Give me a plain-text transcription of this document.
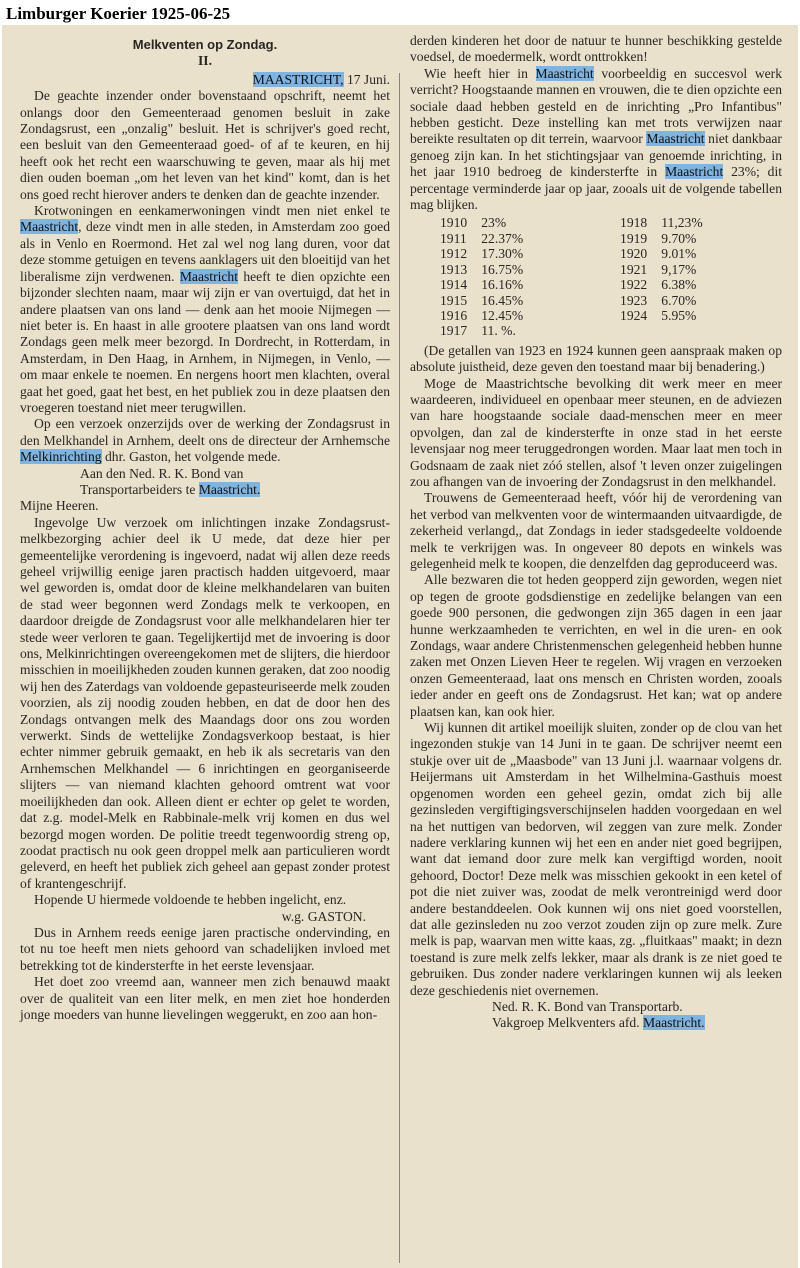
Limburger Koerier 1925-06-25
Melkventen op Zondag.
II.
MAASTRICHT, 17 Juni.

De geachte inzender onder bovenstaand opschrift, neemt het onlangs door den Gemeenteraad genomen besluit in zake Zondagsrust, een „onzalig" besluit. Het is schrijver's goed recht, een besluit van den Gemeenteraad goed- of af te keuren, en hij heeft ook het recht een waarschuwing te geven, maar als hij met dien ouden boeman „om het leven van het kind" komt, dan is het ons goed recht hierover anders te denken dan de geachte inzender.

Krotwoningen en eenkamerwoningen vindt men niet enkel te Maastricht, deze vindt men in alle steden, in Amsterdam zoo goed als in Venlo en Roermond. Het zal wel nog lang duren, voor dat deze stomme getuigen en tevens aanklagers uit den bloeitijd van het liberalisme zijn verdwenen. Maastricht heeft te dien opzichte een bijzonder slechten naam, maar wij zijn er van overtuigd, dat het in andere plaatsen van ons land — denk aan het mooie Nijmegen — niet beter is. En haast in alle grootere plaatsen van ons land wordt Zondags geen melk meer bezorgd. In Dordrecht, in Rotterdam, in Amsterdam, in Den Haag, in Arnhem, in Nijmegen, in Venlo, — om maar enkele te noemen. En nergens hoort men klachten, overal gaat het goed, gaat het best, en het publiek zou in deze plaatsen den vroegeren toestand niet meer terugwillen.

Op een verzoek onzerzijds over de werking der Zondagsrust in den Melkhandel in Arnhem, deelt ons de directeur der Arnhemsche Melkinrichting dhr. Gaston, het volgende mede.

Aan den Ned. R. K. Bond van
Transportarbeiders te Maastricht.

Mijne Heeren.

Ingevolge Uw verzoek om inlichtingen inzake Zondagsrust-melkbezorging achier deel ik U mede, dat deze hier per gemeentelijke verordening is ingevoerd, nadat wij allen deze reeds geheel vrijwillig eenige jaren practisch hadden uitgevoerd, maar wel geworden is, omdat door de kleine melkhandelaren van buiten de stad weer begonnen werd Zondags melk te verkoopen, en daardoor dreigde de Zondagsrust voor alle melkhandelaren hier ter stede weer verloren te gaan. Tegelijkertijd met de invoering is door ons, Melkinrichtingen overeengekomen met de slijters, die hierdoor misschien in moeilijkheden zouden kunnen geraken, dat zoo noodig wij hen des Zaterdags van voldoende gepasteuriseerde melk zouden voorzien, als zij noodig zouden hebben, en dat de door hen des Zondags ontvangen melk des Maandags door ons zou worden verwerkt. Sinds de wettelijke Zondagsverkoop bestaat, is hier echter nimmer gebruik gemaakt, en heb ik als secretaris van den Arnhemschen Melkhandel — 6 inrichtingen en georganiseerde slijters — van niemand klachten gehoord omtrent wat voor moeilijkheden dan ook. Alleen dient er echter op gelet te worden, dat z.g. model-Melk en Rabbinale-melk vrij komen en dus wel bezorgd mogen worden. De politie treedt tegenwoordig streng op, zoodat practisch nu ook geen droppel melk aan particulieren wordt geleverd, en heeft het publiek zich geheel aan gepast zonder protest of krantengeschrijf.

Hopende U hiermede voldoende te hebben ingelicht, enz.

w.g. GASTON.

Dus in Arnhem reeds eenige jaren practische ondervinding, en tot nu toe heeft men niets gehoord van schadelijken invloed met betrekking tot de kindersterfte in het eerste levensjaar.

Het doet zoo vreemd aan, wanneer men zich benauwd maakt over de qualiteit van een liter melk, en men ziet hoe honderden jonge moeders van hunne lievelingen weggerukt, en zoo aan hon-

derden kinderen het door de natuur te hunner beschikking gestelde voedsel, de moedermelk, wordt onttrokken!

Wie heeft hier in Maastricht voorbeeldig en succesvol werk verricht? Hoogstaande mannen en vrouwen, die te dien opzichte een sociale daad hebben gesteld en de inrichting „Pro Infantibus" hebben gesticht. Deze instelling kan met trots verwijzen naar bereikte resultaten op dit terrein, waarvoor Maastricht niet dankbaar genoeg zijn kan. In het stichtingsjaar van genoemde inrichting, in het jaar 1910 bedroeg de kindersterfte in Maastricht 23%; dit percentage verminderde jaar op jaar, zooals uit de volgende tabellen mag blijken.

1910	23%	1918	11,23%
1911	22.37%	1919	9.70%
1912	17.30%	1920	9.01%
1913	16.75%	1921	9,17%
1914	16.16%	1922	6.38%
1915	16.45%	1923	6.70%
1916	12.45%	1924	5.95%
1917	11. %.		

(De getallen van 1923 en 1924 kunnen geen aanspraak maken op absolute juistheid, deze geven den toestand maar bij benadering.)

Moge de Maastrichtsche bevolking dit werk meer en meer waardeeren, individueel en openbaar meer steunen, en de adviezen van hare hoogstaande sociale daad-menschen meer en meer opvolgen, dan zal de kindersterfte in onze stad in het eerste levensjaar nog meer teruggedrongen worden. Maar laat men toch in Godsnaam de zaak niet zóó stellen, alsof 't leven onzer zuigelingen zou afhangen van de invoering der Zondagsrust in den melkhandel.

Trouwens de Gemeenteraad heeft, vóór hij de verordening van het verbod van melkventen voor de wintermaanden uitvaardigde, de zekerheid verlangd,, dat Zondags in ieder stadsgedeelte voldoende melk te verkrijgen was. In ongeveer 80 depots en winkels was gelegenheid melk te koopen, die denzelfden dag geproduceerd was.

Alle bezwaren die tot heden geopperd zijn geworden, wegen niet op tegen de groote godsdienstige en zedelijke belangen van een goede 900 personen, die gedwongen zijn 365 dagen in een jaar hunne werkzaamheden te verrichten, en wel in die uren- en ook Zondags, waar andere Christenmenschen gelegenheid hebben hunne zaken met Onzen Lieven Heer te regelen. Wij vragen en verzoeken onzen Gemeenteraad, laat ons mensch en Christen worden, zooals ieder ander en geeft ons de Zondagsrust. Het kan; wat op andere plaatsen kan, kan ook hier.

Wij kunnen dit artikel moeilijk sluiten, zonder op de clou van het ingezonden stukje van 14 Juni in te gaan. De schrijver neemt een stukje over uit de „Maasbode" van 13 Juni j.l. waarnaar volgens dr. Heijermans uit Amsterdam in het Wilhelmina-Gasthuis moest opgenomen worden een geheel gezin, omdat zich bij alle gezinsleden vergiftigingsverschijnselen hadden voorgedaan en wel na het nuttigen van bedorven, wil zeggen van zure melk. Zonder nadere verklaring kunnen wij het een en ander niet goed begrijpen, want dat iemand door zure melk kan vergiftigd worden, nooit gehoord, Doctor! Deze melk was misschien gekookt in een ketel of pot die niet zuiver was, zoodat de melk verontreinigd werd door andere bestanddeelen. Ook kunnen wij ons niet goed voorstellen, dat alle gezinsleden nu zoo verzot zouden zijn op zure melk. Zure melk is pap, waarvan men witte kaas, zg. „fluitkaas" maakt; in dezn toestand is zure melk zelfs lekker, maar als drank is ze niet goed te gebruiken. Dus zonder nadere verklaringen kunnen wij als leeken deze geschiedenis niet overnemen.

Ned. R. K. Bond van Transportarb.
Vakgroep Melkventers afd. Maastricht.
